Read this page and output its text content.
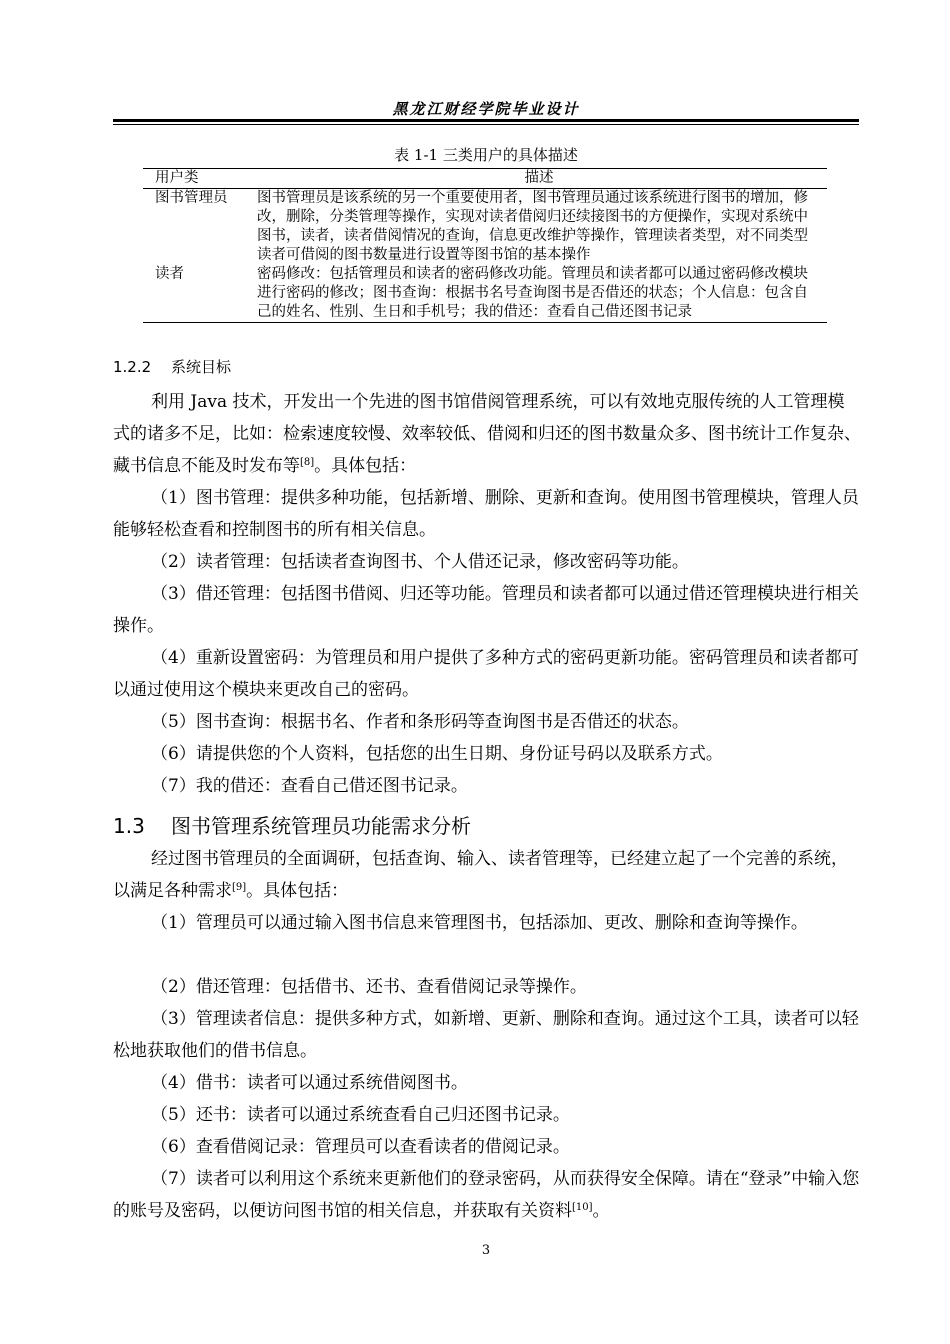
黑龙江财经学院毕业设计
表 1-1 三类用户的具体描述
用户类	描述
图书管理员	图书管理员是该系统的另一个重要使用者，图书管理员通过该系统进行图书的增加，修改，删除，分类管理等操作，实现对读者借阅归还续接图书的方便操作，实现对系统中图书，读者，读者借阅情况的查询，信息更改维护等操作，管理读者类型，对不同类型读者可借阅的图书数量进行设置等图书馆的基本操作
读者	密码修改：包括管理员和读者的密码修改功能。管理员和读者都可以通过密码修改模块进行密码的修改；图书查询：根据书名号查询图书是否借还的状态；个人信息：包含自己的姓名、性别、生日和手机号；我的借还：查看自己借还图书记录
1.2.2 系统目标
利用 Java 技术，开发出一个先进的图书馆借阅管理系统，可以有效地克服传统的人工管理模式的诸多不足，比如：检索速度较慢、效率较低、借阅和归还的图书数量众多、图书统计工作复杂、藏书信息不能及时发布等[8]。具体包括：
（1）图书管理：提供多种功能，包括新增、删除、更新和查询。使用图书管理模块，管理人员能够轻松查看和控制图书的所有相关信息。
（2）读者管理：包括读者查询图书、个人借还记录，修改密码等功能。
（3）借还管理：包括图书借阅、归还等功能。管理员和读者都可以通过借还管理模块进行相关操作。
（4）重新设置密码：为管理员和用户提供了多种方式的密码更新功能。密码管理员和读者都可以通过使用这个模块来更改自己的密码。
（5）图书查询：根据书名、作者和条形码等查询图书是否借还的状态。
（6）请提供您的个人资料，包括您的出生日期、身份证号码以及联系方式。
（7）我的借还：查看自己借还图书记录。
1.3 图书管理系统管理员功能需求分析
经过图书管理员的全面调研，包括查询、输入、读者管理等，已经建立起了一个完善的系统，以满足各种需求[9]。具体包括：
（1）管理员可以通过输入图书信息来管理图书，包括添加、更改、删除和查询等操作。
（2）借还管理：包括借书、还书、查看借阅记录等操作。
（3）管理读者信息：提供多种方式，如新增、更新、删除和查询。通过这个工具，读者可以轻松地获取他们的借书信息。
（4）借书：读者可以通过系统借阅图书。
（5）还书：读者可以通过系统查看自己归还图书记录。
（6）查看借阅记录：管理员可以查看读者的借阅记录。
（7）读者可以利用这个系统来更新他们的登录密码，从而获得安全保障。请在“登录”中输入您的账号及密码，以便访问图书馆的相关信息，并获取有关资料[10]。
3
